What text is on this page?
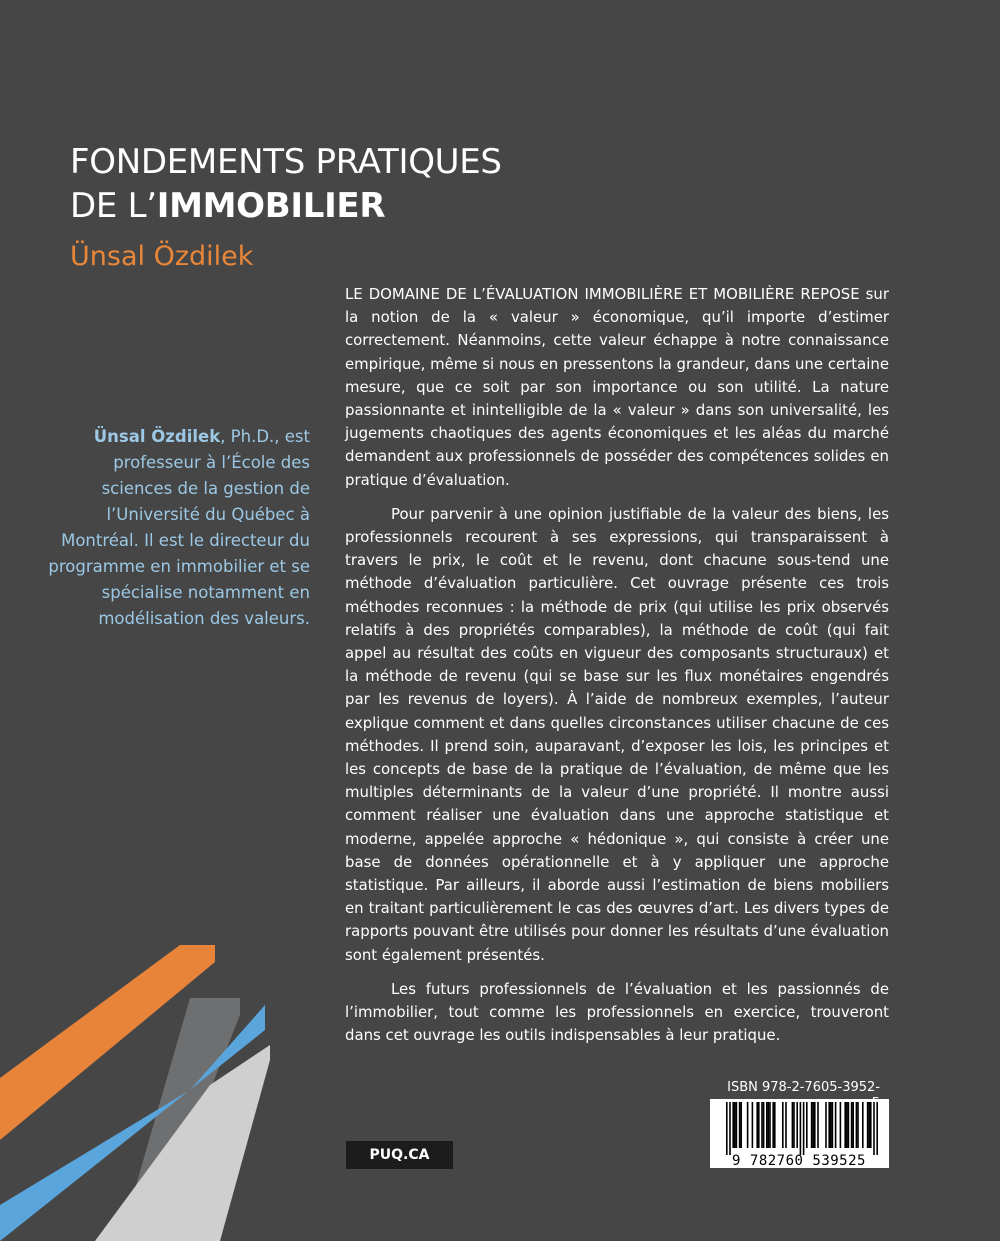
FONDEMENTS PRATIQUES
DE L’IMMOBILIER
Ünsal Özdilek

Ünsal Özdilek, Ph.D., est professeur à l’École des sciences de la gestion de l’Université du Québec à Montréal. Il est le directeur du programme en immobilier et se spécialise notamment en modélisation des valeurs.

LE DOMAINE DE L’ÉVALUATION IMMOBILIÈRE ET MOBILIÈRE REPOSE sur la notion de la « valeur » économique, qu’il importe d’estimer correctement. Néanmoins, cette valeur échappe à notre connaissance empirique, même si nous en pressentons la grandeur, dans une certaine mesure, que ce soit par son importance ou son utilité. La nature passionnante et inintelligible de la « valeur » dans son universalité, les jugements chaotiques des agents économiques et les aléas du marché demandent aux professionnels de posséder des compétences solides en pratique d’évaluation.

Pour parvenir à une opinion justifiable de la valeur des biens, les professionnels recourent à ses expressions, qui transparaissent à travers le prix, le coût et le revenu, dont chacune sous-tend une méthode d’évaluation particulière. Cet ouvrage présente ces trois méthodes reconnues : la méthode de prix (qui utilise les prix observés relatifs à des propriétés comparables), la méthode de coût (qui fait appel au résultat des coûts en vigueur des composants structuraux) et la méthode de revenu (qui se base sur les flux monétaires engendrés par les revenus de loyers). À l’aide de nombreux exemples, l’auteur explique comment et dans quelles circonstances utiliser chacune de ces méthodes. Il prend soin, auparavant, d’exposer les lois, les principes et les concepts de base de la pratique de l’évaluation, de même que les multiples déterminants de la valeur d’une propriété. Il montre aussi comment réaliser une évaluation dans une approche statistique et moderne, appelée approche « hédonique », qui consiste à créer une base de données opérationnelle et à y appliquer une approche statistique. Par ailleurs, il aborde aussi l’estimation de biens mobiliers en traitant particulièrement le cas des œuvres d’art. Les divers types de rapports pouvant être utilisés pour donner les résultats d’une évaluation sont également présentés.

Les futurs professionnels de l’évaluation et les passionnés de l’immobilier, tout comme les professionnels en exercice, trouveront dans cet ouvrage les outils indispensables à leur pratique.

ISBN 978-2-7605-3952-
9 782760 539525
PUQ.CA
